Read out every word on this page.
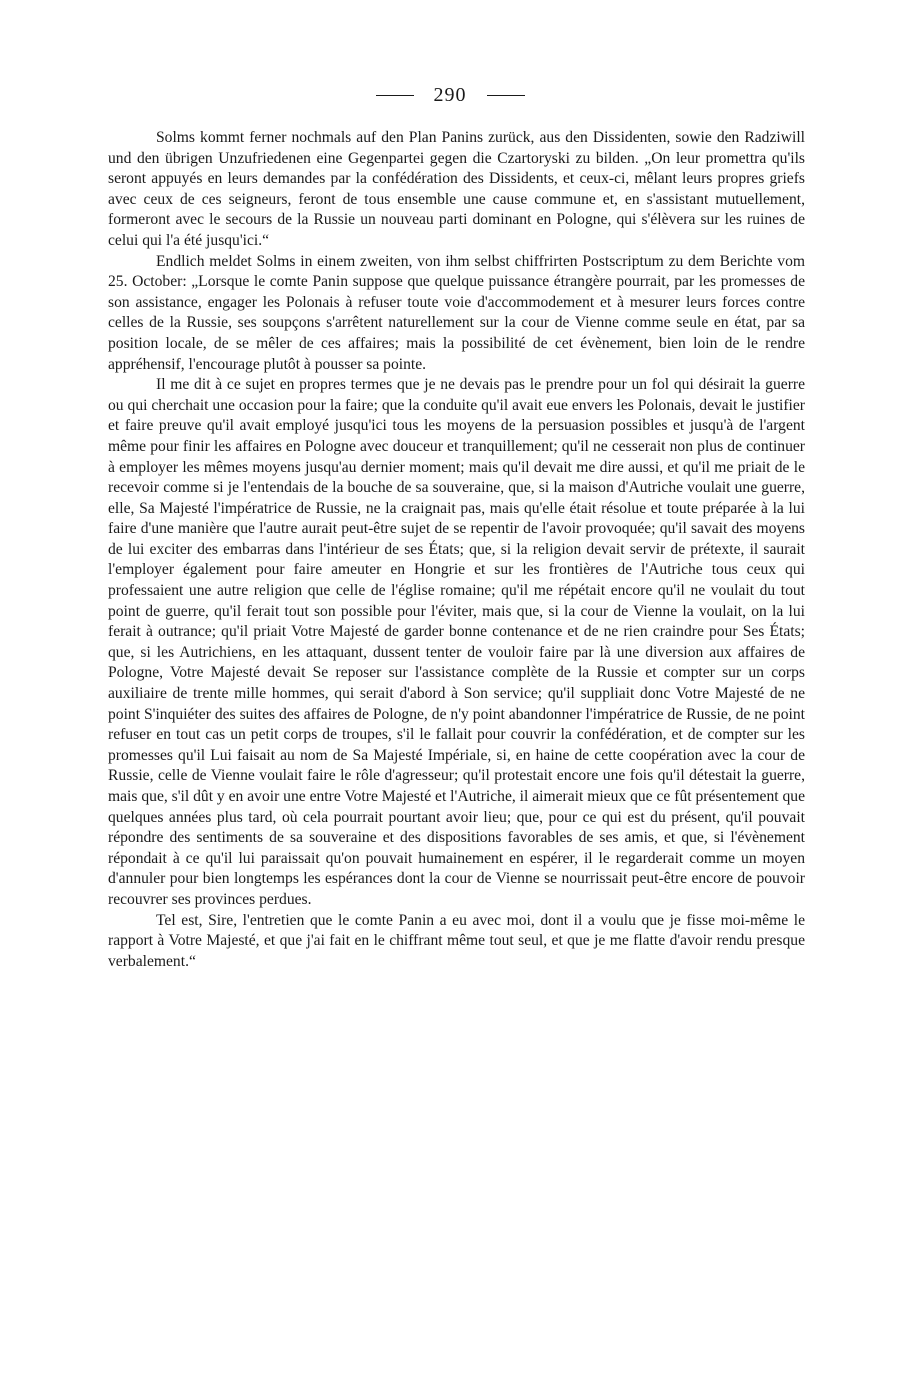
290

Solms kommt ferner nochmals auf den Plan Panins zurück, aus den Dissidenten, sowie den Radziwill und den übrigen Unzufriedenen eine Gegenpartei gegen die Czartoryski zu bilden. „On leur promettra qu'ils seront appuyés en leurs demandes par la confédération des Dissidents, et ceux-ci, mêlant leurs propres griefs avec ceux de ces seigneurs, feront de tous ensemble une cause commune et, en s'assistant mutuellement, formeront avec le secours de la Russie un nouveau parti dominant en Pologne, qui s'élèvera sur les ruines de celui qui l'a été jusqu'ici.“

Endlich meldet Solms in einem zweiten, von ihm selbst chiffrirten Postscriptum zu dem Berichte vom 25. October: „Lorsque le comte Panin suppose que quelque puissance étrangère pourrait, par les promesses de son assistance, engager les Polonais à refuser toute voie d'accommodement et à mesurer leurs forces contre celles de la Russie, ses soupçons s'arrêtent naturellement sur la cour de Vienne comme seule en état, par sa position locale, de se mêler de ces affaires; mais la possibilité de cet évènement, bien loin de le rendre appréhensif, l'encourage plutôt à pousser sa pointe.

Il me dit à ce sujet en propres termes que je ne devais pas le prendre pour un fol qui désirait la guerre ou qui cherchait une occasion pour la faire; que la conduite qu'il avait eue envers les Polonais, devait le justifier et faire preuve qu'il avait employé jusqu'ici tous les moyens de la persuasion possibles et jusqu'à de l'argent même pour finir les affaires en Pologne avec douceur et tranquillement; qu'il ne cesserait non plus de continuer à employer les mêmes moyens jusqu'au dernier moment; mais qu'il devait me dire aussi, et qu'il me priait de le recevoir comme si je l'entendais de la bouche de sa souveraine, que, si la maison d'Autriche voulait une guerre, elle, Sa Majesté l'impératrice de Russie, ne la craignait pas, mais qu'elle était résolue et toute préparée à la lui faire d'une manière que l'autre aurait peut-être sujet de se repentir de l'avoir provoquée; qu'il savait des moyens de lui exciter des embarras dans l'intérieur de ses États; que, si la religion devait servir de prétexte, il saurait l'employer également pour faire ameuter en Hongrie et sur les frontières de l'Autriche tous ceux qui professaient une autre religion que celle de l'église romaine; qu'il me répétait encore qu'il ne voulait du tout point de guerre, qu'il ferait tout son possible pour l'éviter, mais que, si la cour de Vienne la voulait, on la lui ferait à outrance; qu'il priait Votre Majesté de garder bonne contenance et de ne rien craindre pour Ses États; que, si les Autrichiens, en les attaquant, dussent tenter de vouloir faire par là une diversion aux affaires de Pologne, Votre Majesté devait Se reposer sur l'assistance complète de la Russie et compter sur un corps auxiliaire de trente mille hommes, qui serait d'abord à Son service; qu'il suppliait donc Votre Majesté de ne point S'inquiéter des suites des affaires de Pologne, de n'y point abandonner l'impératrice de Russie, de ne point refuser en tout cas un petit corps de troupes, s'il le fallait pour couvrir la confédération, et de compter sur les promesses qu'il Lui faisait au nom de Sa Majesté Impériale, si, en haine de cette coopération avec la cour de Russie, celle de Vienne voulait faire le rôle d'agresseur; qu'il protestait encore une fois qu'il détestait la guerre, mais que, s'il dût y en avoir une entre Votre Majesté et l'Autriche, il aimerait mieux que ce fût présentement que quelques années plus tard, où cela pourrait pourtant avoir lieu; que, pour ce qui est du présent, qu'il pouvait répondre des sentiments de sa souveraine et des dispositions favorables de ses amis, et que, si l'évènement répondait à ce qu'il lui paraissait qu'on pouvait humainement en espérer, il le regarderait comme un moyen d'annuler pour bien longtemps les espérances dont la cour de Vienne se nourrissait peut-être encore de pouvoir recouvrer ses provinces perdues.

Tel est, Sire, l'entretien que le comte Panin a eu avec moi, dont il a voulu que je fisse moi-même le rapport à Votre Majesté, et que j'ai fait en le chiffrant même tout seul, et que je me flatte d'avoir rendu presque verbalement.“
